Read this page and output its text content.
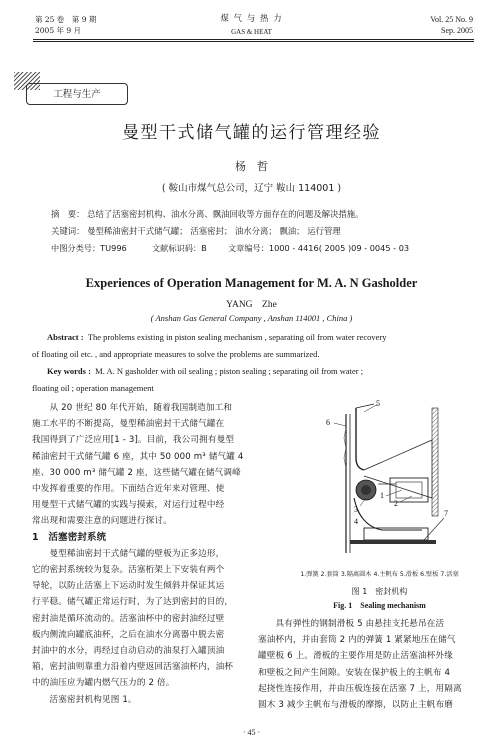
第 25 卷　第 9 期
2005 年 9 月
煤 气 与 热 力
GAS & HEAT
Vol. 25 No. 9
Sep. 2005
工程与生产
曼型干式储气罐的运行管理经验
杨　哲
( 鞍山市煤气总公司，辽宁 鞍山 114001 )
摘　要： 总结了活塞密封机构、油水分离、飘油回收等方面存在的问题及解决措施。
关键词： 曼型稀油密封干式储气罐； 活塞密封； 油水分离； 飘油； 运行管理
中图分类号：TU996	文献标识码：B	文章编号：1000 - 4416( 2005 )09 - 0045 - 03
Experiences of Operation Management for M. A. N Gasholder
YANG　Zhe
( Anshan Gas General Company , Anshan 114001 , China )
Abstract : The problems existing in piston sealing mechanism , separating oil from water recovery
of floating oil etc. , and appropriate measures to solve the problems are summarized.
Key words : M. A. N gasholder with oil sealing ; piston sealing ; separating oil from water ;
floating oil ; operation management
　　从 20 世纪 80 年代开始，随着我国制造加工和
施工水平的不断提高，曼型稀油密封干式储气罐在
我国得到了广泛应用[1 - 3]。目前，我公司拥有曼型
稀油密封干式储气罐 6 座，其中 50 000 m³ 储气罐 4
座、30 000 m³ 储气罐 2 座，这些储气罐在储气调峰
中发挥着重要的作用。下面结合近年来对管理、使
用曼型干式储气罐的实践与摸索，对运行过程中经
常出现和需要注意的问题进行探讨。
1　活塞密封系统
　　曼型稀油密封干式储气罐的壁板为正多边形，
它的密封系统较为复杂。活塞桁架上下安装有两个
导轮，以防止活塞上下运动时发生倾斜并保证其运
行平稳。储气罐正常运行时，为了达到密封的目的，
密封油是循环流动的。活塞油杯中的密封油经过壁
板内侧流向罐底油杯，之后在油水分离器中脱去密
封油中的水分，再经过自动启动的油泵打入罐顶油
箱，密封油则靠重力沿着内壁返回活塞油杯内，油杯
中的油压应为罐内燃气压力的 2 倍。
　　活塞密封机构见图 1。
5
6
1
2
3
4
7
1.弹簧 2.套筒 3.隔离圆木 4.主帆布 5.滑板 6.壁板 7.活塞
图 1　密封机构
Fig. 1　Sealing mechanism
　　具有弹性的钢制滑板 5 由悬挂支托悬吊在活
塞油杯内，并由套筒 2 内的弹簧 1 紧紧地压在储气
罐壁板 6 上。滑板的主要作用是防止活塞油杯外缘
和壁板之间产生间隙。安装在保护板上的主帆布 4
起挠性连接作用，并由压板连接在活塞 7 上，用隔离
圆木 3 减少主帆布与滑板的摩擦，以防止主帆布磨
· 45 ·
